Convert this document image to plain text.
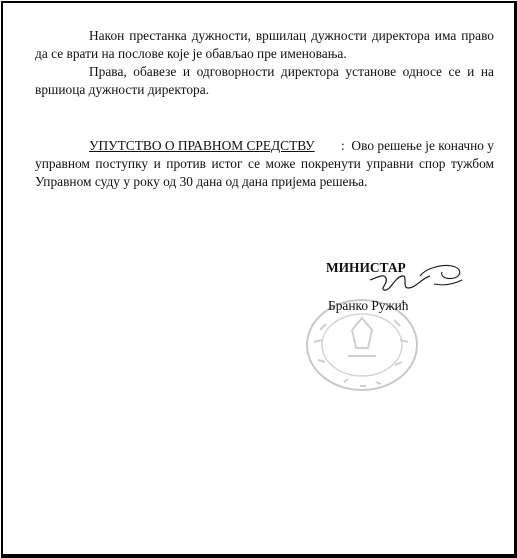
Након престанка дужности, вршилац дужности директора има право
да се врати на послове које је обављао пре именовања.
Права, обавезе и одговорности директора установе односе се и на
вршиоца дужности директора.
УПУТСТВО О ПРАВНОМ СРЕДСТВУ :  Ово решење је коначно у
управном поступку и против истог се може покренути управни спор тужбом
Управном суду у року од 30 дана од дана пријема решења.
МИНИСТАР
Бранко Ружић
